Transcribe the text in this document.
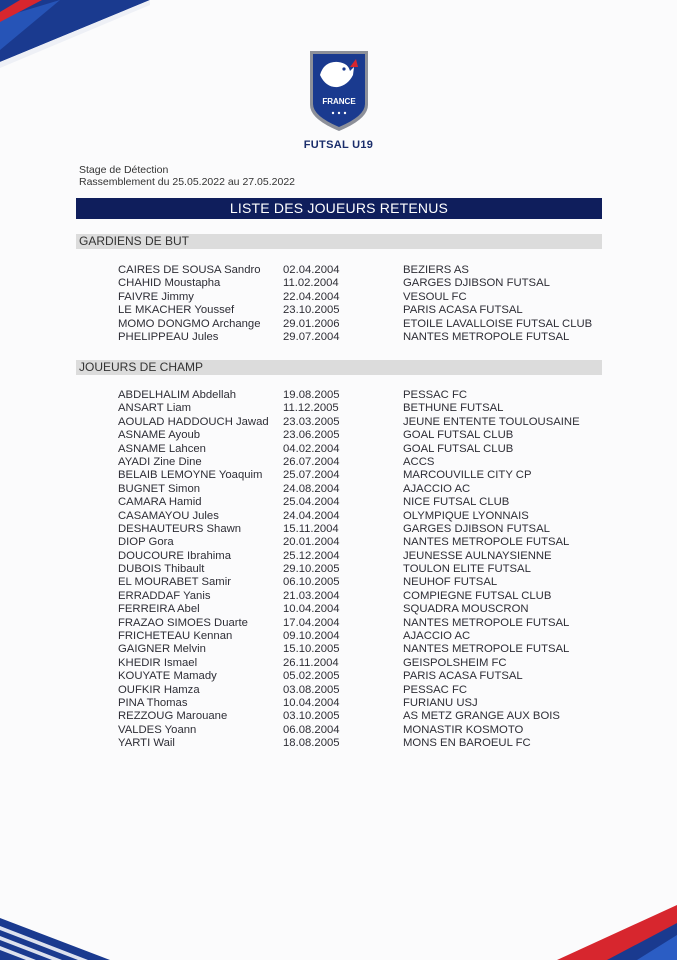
FRANCE
FUTSAL U19
Stage de Détection
Rassemblement du 25.05.2022 au 27.05.2022
LISTE DES JOUEURS RETENUS
GARDIENS DE BUT
CAIRES DE SOUSA Sandro 02.04.2004	BEZIERS AS
CHAHID Moustapha	11.02.2004	GARGES DJIBSON FUTSAL
FAIVRE Jimmy	22.04.2004	VESOUL FC
LE MKACHER Youssef	23.10.2005	PARIS ACASA FUTSAL
MOMO DONGMO Archange 29.01.2006	ETOILE LAVALLOISE FUTSAL CLUB
PHELIPPEAU Jules	29.07.2004	NANTES METROPOLE FUTSAL
JOUEURS DE CHAMP
ABDELHALIM Abdellah	19.08.2005	PESSAC FC
ANSART Liam	11.12.2005	BETHUNE FUTSAL
AOULAD HADDOUCH Jawad 23.03.2005	JEUNE ENTENTE TOULOUSAINE
ASNAME Ayoub	23.06.2005	GOAL FUTSAL CLUB
ASNAME Lahcen	04.02.2004	GOAL FUTSAL CLUB
AYADI Zine Dine	26.07.2004	ACCS
BELAIB LEMOYNE Yoaquim 25.07.2004	MARCOUVILLE CITY CP
BUGNET Simon	24.08.2004	AJACCIO AC
CAMARA Hamid	25.04.2004	NICE FUTSAL CLUB
CASAMAYOU Jules	24.04.2004	OLYMPIQUE LYONNAIS
DESHAUTEURS Shawn	15.11.2004	GARGES DJIBSON FUTSAL
DIOP Gora	20.01.2004	NANTES METROPOLE FUTSAL
DOUCOURE Ibrahima	25.12.2004	JEUNESSE AULNAYSIENNE
DUBOIS Thibault	29.10.2005	TOULON ELITE FUTSAL
EL MOURABET Samir	06.10.2005	NEUHOF FUTSAL
ERRADDAF Yanis	21.03.2004	COMPIEGNE FUTSAL CLUB
FERREIRA Abel	10.04.2004	SQUADRA MOUSCRON
FRAZAO SIMOES Duarte	17.04.2004	NANTES METROPOLE FUTSAL
FRICHETEAU Kennan	09.10.2004	AJACCIO AC
GAIGNER Melvin	15.10.2005	NANTES METROPOLE FUTSAL
KHEDIR Ismael	26.11.2004	GEISPOLSHEIM FC
KOUYATE Mamady	05.02.2005	PARIS ACASA FUTSAL
OUFKIR Hamza	03.08.2005	PESSAC FC
PINA Thomas	10.04.2004	FURIANU USJ
REZZOUG Marouane	03.10.2005	AS METZ GRANGE AUX BOIS
VALDES Yoann	06.08.2004	MONASTIR KOSMOTO
YARTI Wail	18.08.2005	MONS EN BAROEUL FC
